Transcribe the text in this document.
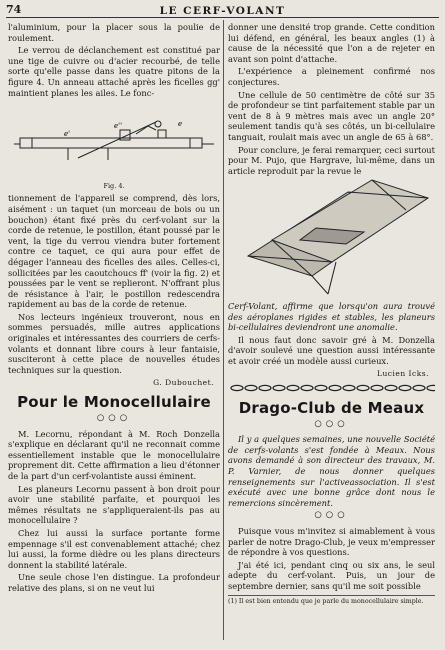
74	LE CERF-VOLANT

l'aluminium, pour la placer sous la poulie de roulement.

Le verrou de déclanchement est constitué par une tige de cuivre ou d'acier recourbé, de telle sorte qu'elle passe dans les quatre pitons de la figure 4. Un anneau attaché après les ficelles gg' maintient planes les ailes. Le fonc-

e'
e''	e
Fig. 4.

tionnement de l'appareil se comprend, dès lors, aisément : un taquet (un morceau de bois ou un bouchon) étant fixé près du cerf-volant sur la corde de retenue, le postillon, étant poussé par le vent, la tige du verrou viendra buter fortement contre ce taquet, ce qui aura pour effet de dégager l'anneau des ficelles des ailes. Celles-ci, sollicitées par les caoutchoucs ff' (voir la fig. 2) et poussées par le vent se replieront. N'offrant plus de résistance à l'air, le postillon redescendra rapidement au bas de la corde de retenue.

Nos lecteurs ingénieux trouveront, nous en sommes persuadés, mille autres applications originales et intéressantes des courriers de cerfs-volants et donnant libre cours à leur fantaisie, susciteront à cette place de nouvelles études techniques sur la question.

G. Dubouchet.
Pour le Monocellulaire
○○○

M. Lecornu, répondant à M. Roch Donzella s'explique en déclarant qu'il ne reconnait comme essentiellement instable que le monocellulaire proprement dit. Cette affirmation a lieu d'étonner de la part d'un cerf-volantiste aussi éminent.

Les planeurs Lecornu passent à bon droit pour avoir une stabilité parfaite, et pourquoi les mêmes résultats ne s'appliqueraient-ils pas au monocellulaire ?

Chez lui aussi la surface portante forme empennage s'il est convenablement attaché; chez lui aussi, la forme dièdre ou les plans directeurs donnent la stabilité latérale.

Une seule chose l'en distingue. La profondeur relative des plans, si on ne veut lui

donner une densité trop grande. Cette condition lui défend, en général, les beaux angles (1) à cause de la nécessité que l'on a de rejeter en avant son point d'attache.

L'expérience a pleinement confirmé nos conjectures.

Une cellule de 50 centimètre de côté sur 35 de profondeur se tint parfaitement stable par un vent de 8 à 9 mètres mais avec un angle 20° seulement tandis qu'à ses côtés, un bi-cellulaire tanguait, roulait mais avec un angle de 65 à 68°.

Pour conclure, je ferai remarquer, ceci surtout pour M. Pujo, que Hargrave, lui-même, dans un article reproduit par la revue le

Cerf-Volant, affirme que lorsqu'on aura trouvé des aéroplanes rigides et stables, les planeurs bi-cellulaires deviendront une anomalie.

Il nous faut donc savoir gré à M. Donzella d'avoir soulevé une question aussi intéressante et avoir créé un modèle aussi curieux.

Lucien Icks.
Drago-Club de Meaux
○○○

Il y a quelques semaines, une nouvelle Société de cerfs-volants s'est fondée à Meaux. Nous avons demandé à son directeur des travaux, M. P. Varnier, de nous donner quelques renseignements sur l'activeassociation. Il s'est exécuté avec une bonne grâce dont nous le remercions sincèrement.

○○○

Puisque vous m'invitez si aimablement à vous parler de notre Drago-Club, je veux m'empresser de répondre à vos questions.

J'ai été ici, pendant cinq ou six ans, le seul adepte du cerf-volant. Puis, un jour de septembre dernier, sans qu'il me soit possible

(1) Il est bien entendu que je parle du monocellulaire simple.
